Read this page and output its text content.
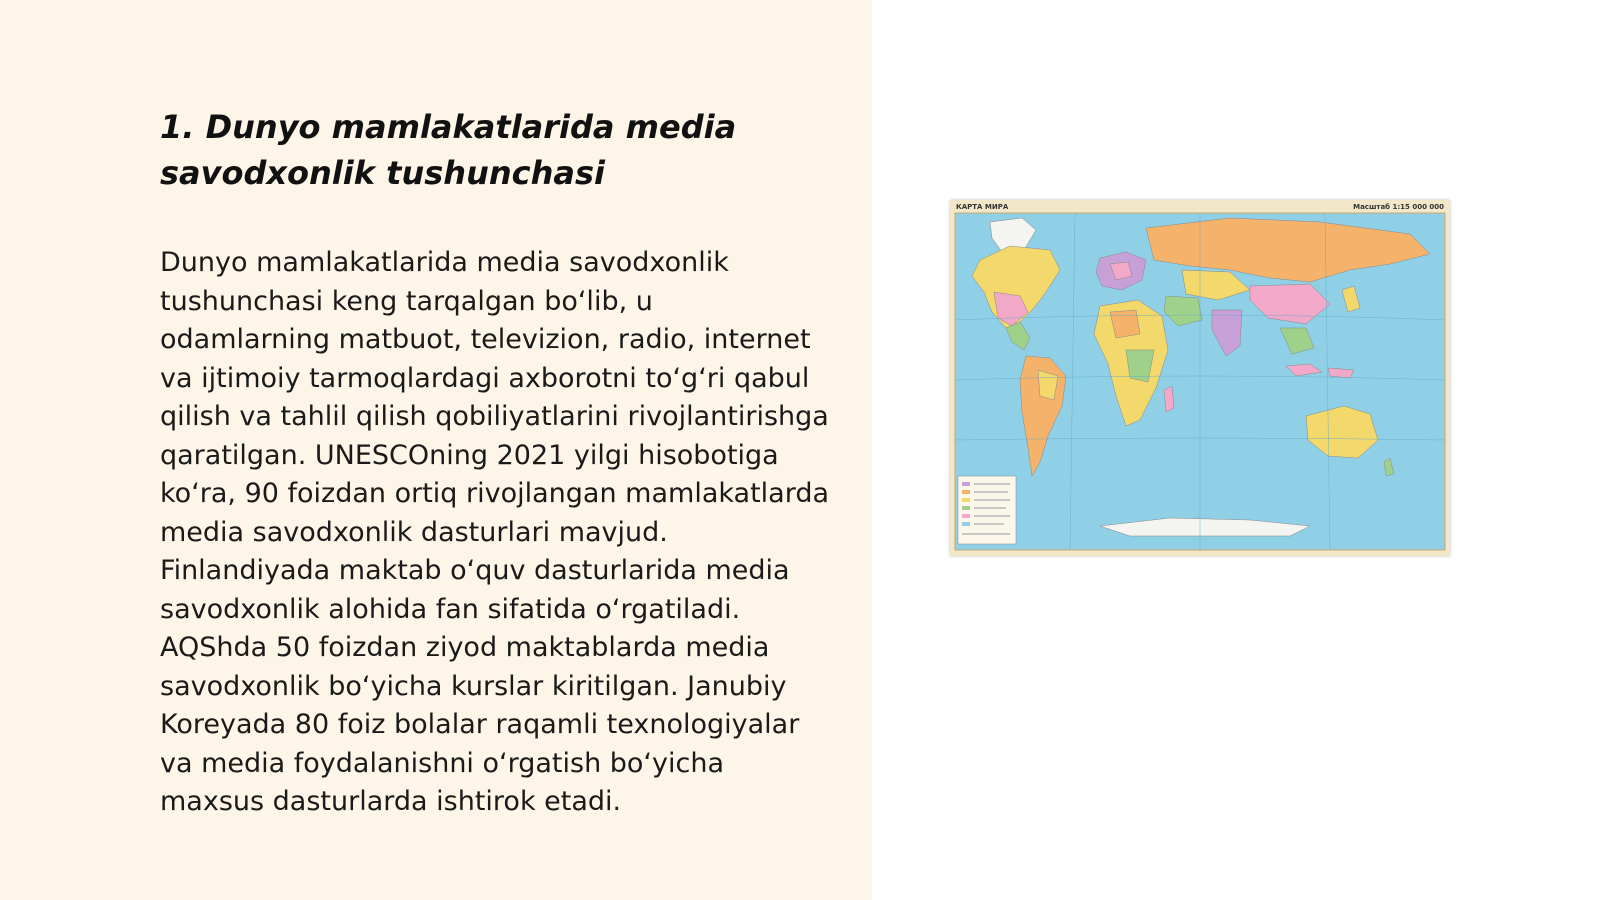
1. Dunyo mamlakatlarida media savodxonlik tushunchasi

Dunyo mamlakatlarida media savodxonlik tushunchasi keng tarqalgan bo‘lib, u odamlarning matbuot, televizion, radio, internet va ijtimoiy tarmoqlardagi axborotni to‘g‘ri qabul qilish va tahlil qilish qobiliyatlarini rivojlantirishga qaratilgan. UNESCOning 2021 yilgi hisobotiga ko‘ra, 90 foizdan ortiq rivojlangan mamlakatlarda media savodxonlik dasturlari mavjud. Finlandiyada maktab o‘quv dasturlarida media savodxonlik alohida fan sifatida o‘rgatiladi. AQShda 50 foizdan ziyod maktablarda media savodxonlik bo‘yicha kurslar kiritilgan. Janubiy Koreyada 80 foiz bolalar raqamli texnologiyalar va media foydalanishni o‘rgatish bo‘yicha maxsus dasturlarda ishtirok etadi.

КАРТА МИРА	Масштаб 1:15 000 000
